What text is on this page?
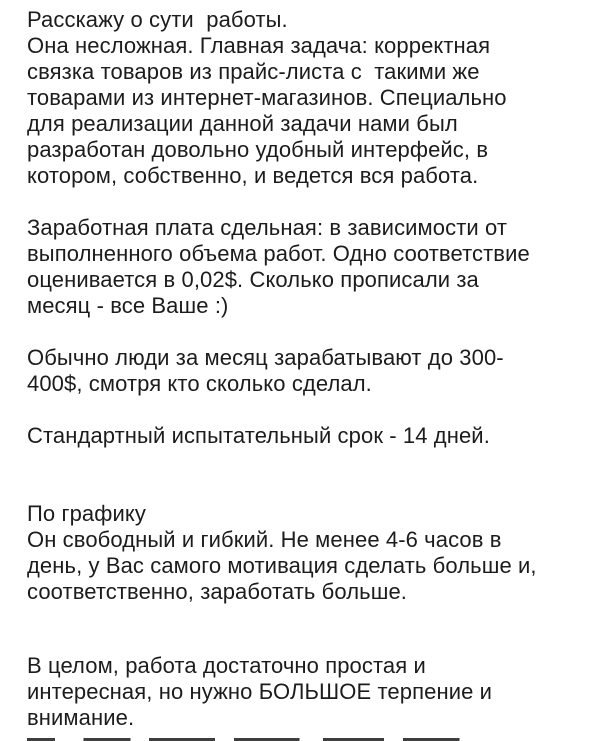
Расскажу о сути  работы.
Она несложная. Главная задача: корректная
связка товаров из прайс-листа с  такими же
товарами из интернет-магазинов. Специально
для реализации данной задачи нами был
разработан довольно удобный интерфейс, в
котором, собственно, и ведется вся работа.
Заработная плата сдельная: в зависимости от
выполненного объема работ. Одно соответствие
оценивается в 0,02$. Сколько прописали за
месяц - все Ваше :)
Обычно люди за месяц зарабатывают до 300-
400$, смотря кто сколько сделал.
Стандартный испытательный срок - 14 дней.
По графику
Он свободный и гибкий. Не менее 4-6 часов в
день, у Вас самого мотивация сделать больше и,
соответственно, заработать больше.
В целом, работа достаточно простая и
интересная, но нужно БОЛЬШОЕ терпение и
внимание.
